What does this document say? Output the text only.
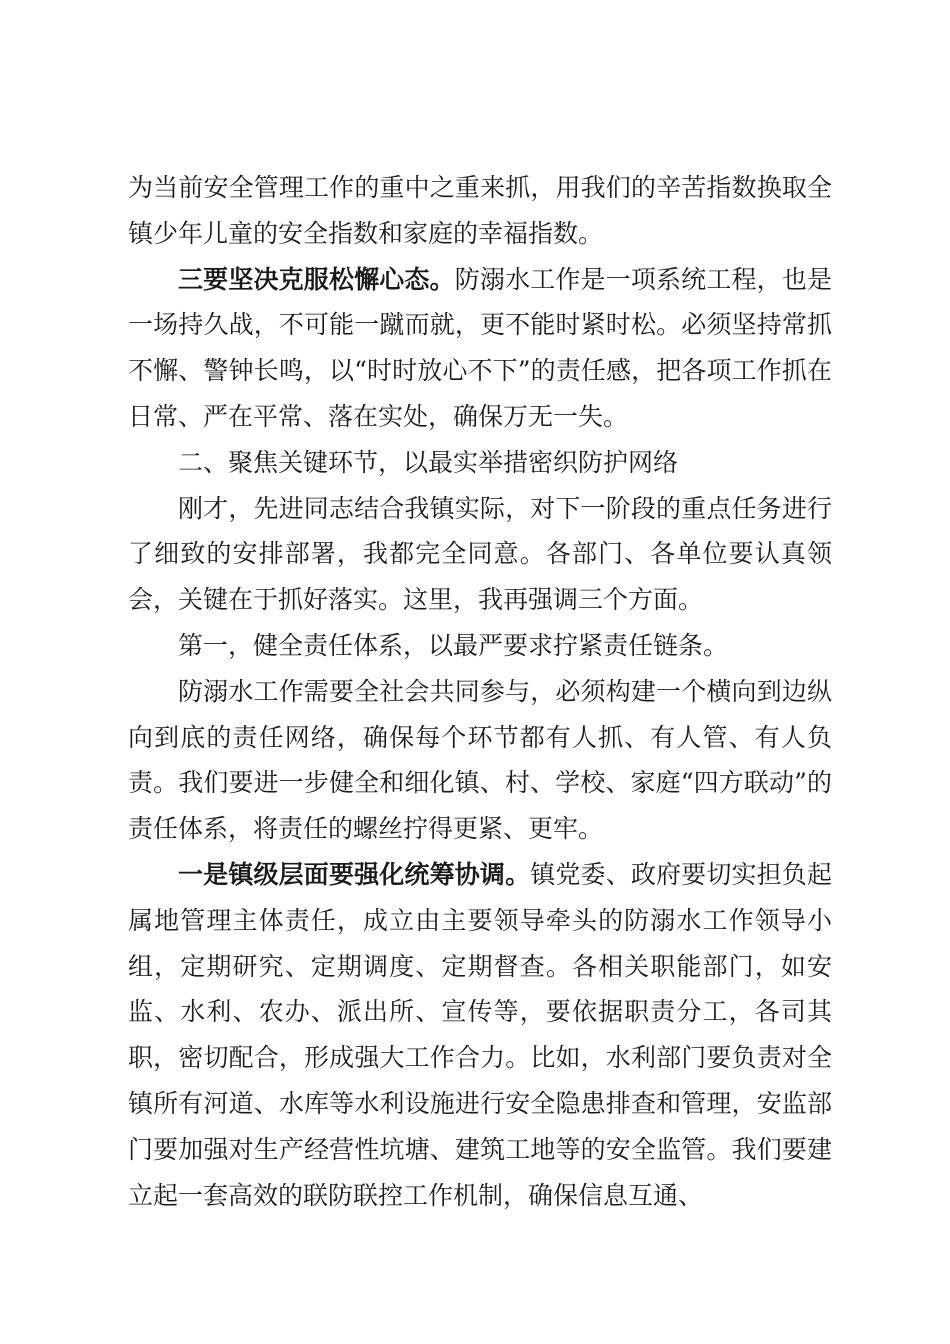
为当前安全管理工作的重中之重来抓，用我们的辛苦指数换取全镇少年儿童的安全指数和家庭的幸福指数。

三要坚决克服松懈心态。防溺水工作是一项系统工程，也是一场持久战，不可能一蹴而就，更不能时紧时松。必须坚持常抓不懈、警钟长鸣，以“时时放心不下”的责任感，把各项工作抓在日常、严在平常、落在实处，确保万无一失。

二、聚焦关键环节，以最实举措密织防护网络

刚才，先进同志结合我镇实际，对下一阶段的重点任务进行了细致的安排部署，我都完全同意。各部门、各单位要认真领会，关键在于抓好落实。这里，我再强调三个方面。

第一，健全责任体系，以最严要求拧紧责任链条。

防溺水工作需要全社会共同参与，必须构建一个横向到边纵向到底的责任网络，确保每个环节都有人抓、有人管、有人负责。我们要进一步健全和细化镇、村、学校、家庭“四方联动”的责任体系，将责任的螺丝拧得更紧、更牢。

一是镇级层面要强化统筹协调。镇党委、政府要切实担负起属地管理主体责任，成立由主要领导牵头的防溺水工作领导小组，定期研究、定期调度、定期督查。各相关职能部门，如安监、水利、农办、派出所、宣传等，要依据职责分工，各司其职，密切配合，形成强大工作合力。比如，水利部门要负责对全镇所有河道、水库等水利设施进行安全隐患排查和管理，安监部门要加强对生产经营性坑塘、建筑工地等的安全监管。我们要建立起一套高效的联防联控工作机制，确保信息互通、
